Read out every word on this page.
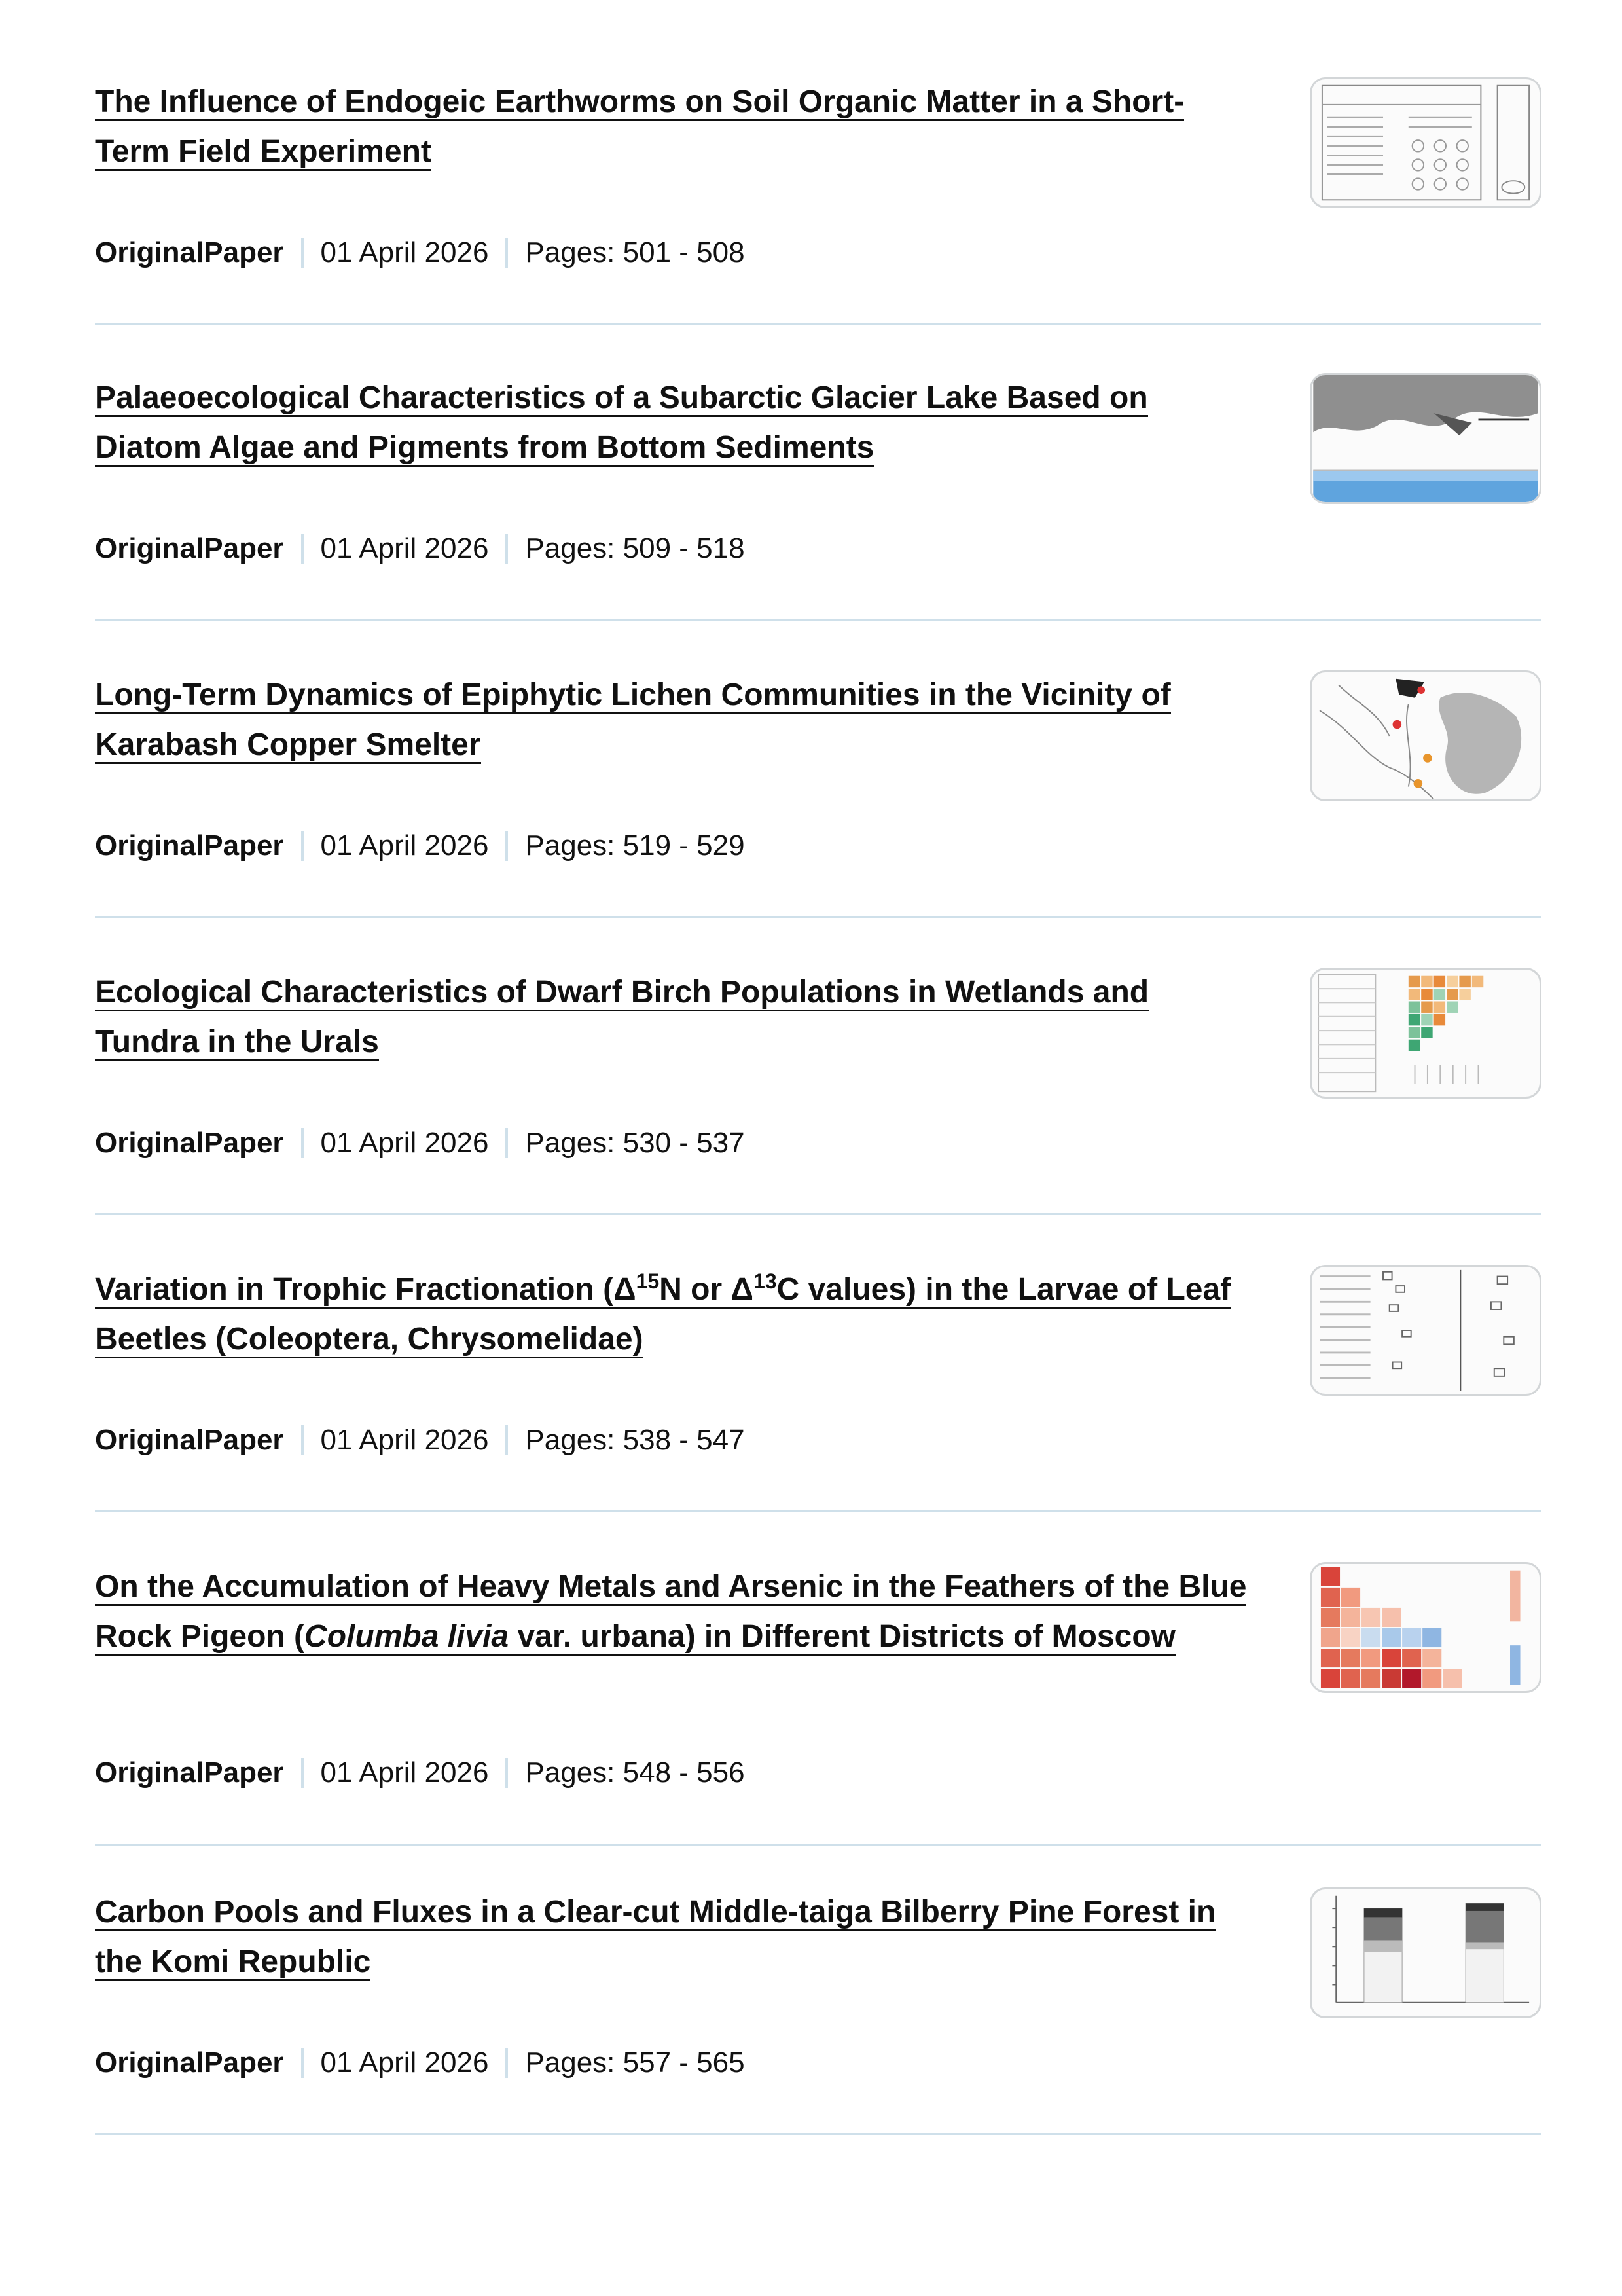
The Influence of Endogeic Earthworms on Soil Organic Matter in a Short-Term Field Experiment
OriginalPaper 01 April 2026 Pages: 501 - 508
Palaeoecological Characteristics of a Subarctic Glacier Lake Based on Diatom Algae and Pigments from Bottom Sediments
OriginalPaper 01 April 2026 Pages: 509 - 518
Long-Term Dynamics of Epiphytic Lichen Communities in the Vicinity of Karabash Copper Smelter
OriginalPaper 01 April 2026 Pages: 519 - 529
Ecological Characteristics of Dwarf Birch Populations in Wetlands and Tundra in the Urals
OriginalPaper 01 April 2026 Pages: 530 - 537
Variation in Trophic Fractionation (Δ$^{15}$N or Δ$^{13}$C values) in the Larvae of Leaf Beetles (Coleoptera, Chrysomelidae)
OriginalPaper 01 April 2026 Pages: 538 - 547
On the Accumulation of Heavy Metals and Arsenic in the Feathers of the Blue Rock Pigeon (Columba livia var. urbana) in Different Districts of Moscow
OriginalPaper 01 April 2026 Pages: 548 - 556
Carbon Pools and Fluxes in a Clear-cut Middle-taiga Bilberry Pine Forest in the Komi Republic
OriginalPaper 01 April 2026 Pages: 557 - 565
